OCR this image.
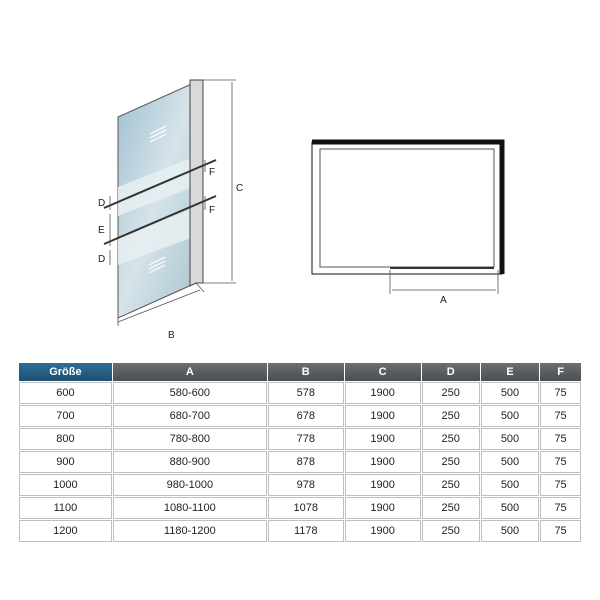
C
D
E
D
F
F
B
A
Größe	A	B	C	D	E	F
600	580-600	578	1900	250	500	75
700	680-700	678	1900	250	500	75
800	780-800	778	1900	250	500	75
900	880-900	878	1900	250	500	75
1000	980-1000	978	1900	250	500	75
1100	1080-1100	1078	1900	250	500	75
1200	1180-1200	1178	1900	250	500	75
